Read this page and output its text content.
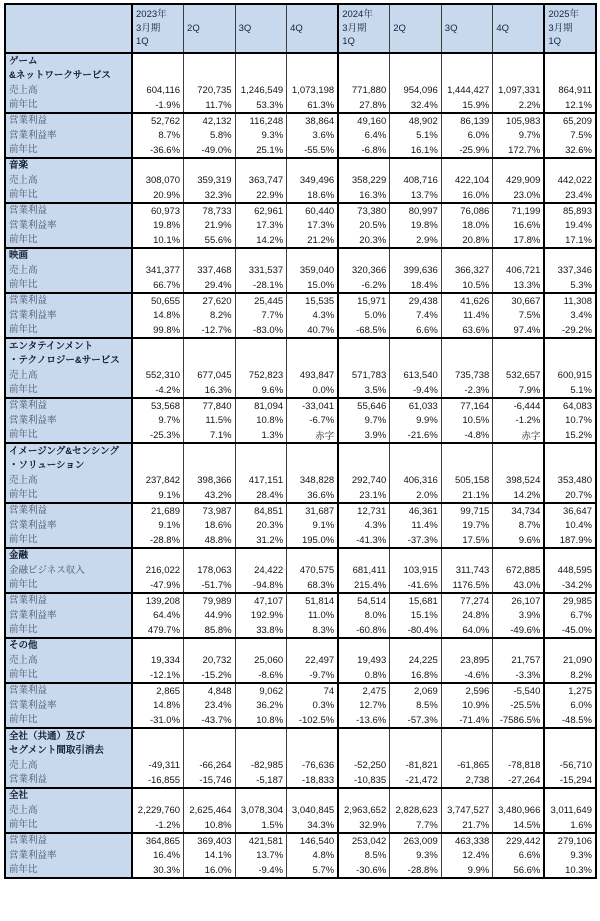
	2023年
3月期
1Q	2Q	3Q	4Q	2024年
3月期
1Q	2Q	3Q	4Q	2025年
3月期
1Q
ゲーム
&ネットワークサービス									
売上高	604,116	720,735	1,246,549	1,073,198	771,880	954,096	1,444,427	1,097,331	864,911
前年比	-1.9%	11.7%	53.3%	61.3%	27.8%	32.4%	15.9%	2.2%	12.1%
営業利益	52,762	42,132	116,248	38,864	49,160	48,902	86,139	105,983	65,209
営業利益率	8.7%	5.8%	9.3%	3.6%	6.4%	5.1%	6.0%	9.7%	7.5%
前年比	-36.6%	-49.0%	25.1%	-55.5%	-6.8%	16.1%	-25.9%	172.7%	32.6%
音楽									
売上高	308,070	359,319	363,747	349,496	358,229	408,716	422,104	429,909	442,022
前年比	20.9%	32.3%	22.9%	18.6%	16.3%	13.7%	16.0%	23.0%	23.4%
営業利益	60,973	78,733	62,961	60,440	73,380	80,997	76,086	71,199	85,893
営業利益率	19.8%	21.9%	17.3%	17.3%	20.5%	19.8%	18.0%	16.6%	19.4%
前年比	10.1%	55.6%	14.2%	21.2%	20.3%	2.9%	20.8%	17.8%	17.1%
映画									
売上高	341,377	337,468	331,537	359,040	320,366	399,636	366,327	406,721	337,346
前年比	66.7%	29.4%	-28.1%	15.0%	-6.2%	18.4%	10.5%	13.3%	5.3%
営業利益	50,655	27,620	25,445	15,535	15,971	29,438	41,626	30,667	11,308
営業利益率	14.8%	8.2%	7.7%	4.3%	5.0%	7.4%	11.4%	7.5%	3.4%
前年比	99.8%	-12.7%	-83.0%	40.7%	-68.5%	6.6%	63.6%	97.4%	-29.2%
エンタテインメント
・テクノロジー&サービス									
売上高	552,310	677,045	752,823	493,847	571,783	613,540	735,738	532,657	600,915
前年比	-4.2%	16.3%	9.6%	0.0%	3.5%	-9.4%	-2.3%	7.9%	5.1%
営業利益	53,568	77,840	81,094	-33,041	55,646	61,033	77,164	-6,444	64,083
営業利益率	9.7%	11.5%	10.8%	-6.7%	9.7%	9.9%	10.5%	-1.2%	10.7%
前年比	-25.3%	7.1%	1.3%	赤字	3.9%	-21.6%	-4.8%	赤字	15.2%
イメージング&センシング
・ソリューション									
売上高	237,842	398,366	417,151	348,828	292,740	406,316	505,158	398,524	353,480
前年比	9.1%	43.2%	28.4%	36.6%	23.1%	2.0%	21.1%	14.2%	20.7%
営業利益	21,689	73,987	84,851	31,687	12,731	46,361	99,715	34,734	36,647
営業利益率	9.1%	18.6%	20.3%	9.1%	4.3%	11.4%	19.7%	8.7%	10.4%
前年比	-28.8%	48.8%	31.2%	195.0%	-41.3%	-37.3%	17.5%	9.6%	187.9%
金融									
金融ビジネス収入	216,022	178,063	24,422	470,575	681,411	103,915	311,743	672,885	448,595
前年比	-47.9%	-51.7%	-94.8%	68.3%	215.4%	-41.6%	1176.5%	43.0%	-34.2%
営業利益	139,208	79,989	47,107	51,814	54,514	15,681	77,274	26,107	29,985
営業利益率	64.4%	44.9%	192.9%	11.0%	8.0%	15.1%	24.8%	3.9%	6.7%
前年比	479.7%	85.8%	33.8%	8.3%	-60.8%	-80.4%	64.0%	-49.6%	-45.0%
その他									
売上高	19,334	20,732	25,060	22,497	19,493	24,225	23,895	21,757	21,090
前年比	-12.1%	-15.2%	-8.6%	-9.7%	0.8%	16.8%	-4.6%	-3.3%	8.2%
営業利益	2,865	4,848	9,062	74	2,475	2,069	2,596	-5,540	1,275
営業利益率	14.8%	23.4%	36.2%	0.3%	12.7%	8.5%	10.9%	-25.5%	6.0%
前年比	-31.0%	-43.7%	10.8%	-102.5%	-13.6%	-57.3%	-71.4%	-7586.5%	-48.5%
全社（共通）及び
セグメント間取引消去									
売上高	-49,311	-66,264	-82,985	-76,636	-52,250	-81,821	-61,865	-78,818	-56,710
営業利益	-16,855	-15,746	-5,187	-18,833	-10,835	-21,472	2,738	-27,264	-15,294
全社									
売上高	2,229,760	2,625,464	3,078,304	3,040,845	2,963,652	2,828,623	3,747,527	3,480,966	3,011,649
前年比	-1.2%	10.8%	1.5%	34.3%	32.9%	7.7%	21.7%	14.5%	1.6%
営業利益	364,865	369,403	421,581	146,540	253,042	263,009	463,338	229,442	279,106
営業利益率	16.4%	14.1%	13.7%	4.8%	8.5%	9.3%	12.4%	6.6%	9.3%
前年比	30.3%	16.0%	-9.4%	5.7%	-30.6%	-28.8%	9.9%	56.6%	10.3%
